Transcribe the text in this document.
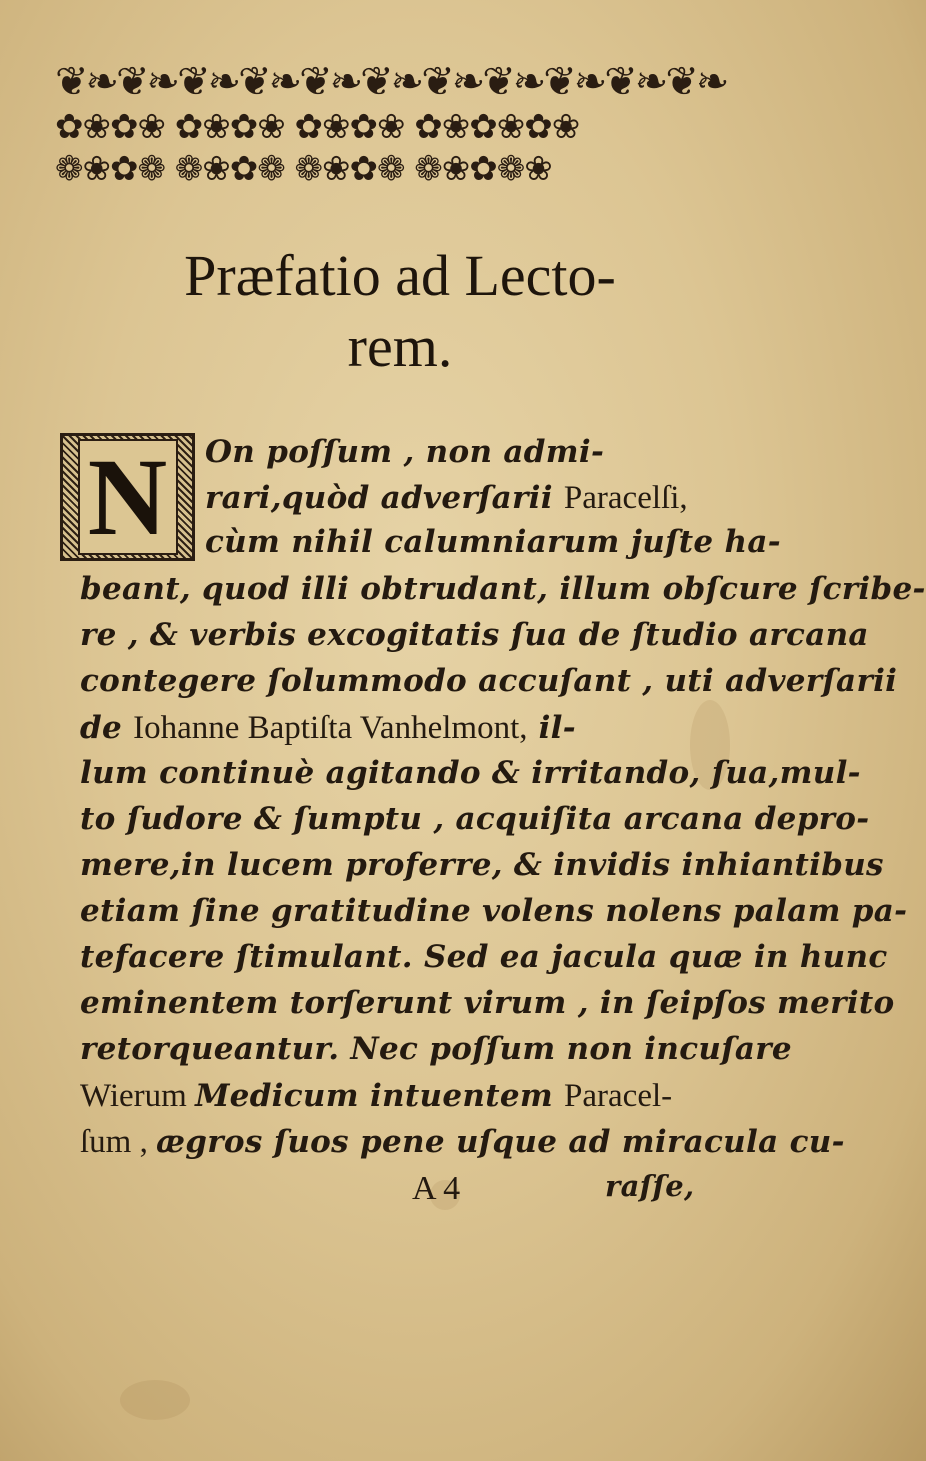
❦❧❦❧❦❧❦❧❦❧❦❧❦❧❦❧❦❧❦❧❦❧
✿❀✿❀ ✿❀✿❀ ✿❀✿❀ ✿❀✿❀✿❀
❁❀✿❁ ❁❀✿❁ ❁❀✿❁ ❁❀✿❁❀
Præfatio ad Lecto-
rem.
N	On poſſum , non admi-
rari,quòd adverſarii Paracelſi,
cùm nihil calumniarum juſte ha-
beant, quod illi obtrudant, illum obſcure ſcribe-
re , & verbis excogitatis ſua de ſtudio arcana
contegere ſolummodo accuſant , uti adverſarii
de Iohanne Baptiſta Vanhelmont, il-
lum continuè agitando & irritando, ſua,mul-
to ſudore & ſumptu , acquiſita arcana depro-
mere,in lucem proferre, & invidis inhiantibus
etiam ſine gratitudine volens nolens palam pa-
tefacere ſtimulant. Sed ea jacula quæ in hunc
eminentem torſerunt virum , in ſeipſos merito
retorqueantur. Nec poſſum non incuſare
Wierum Medicum intuentem Paracel-
ſum , ægros ſuos pene uſque ad miracula cu-
A 4	raſſe,
